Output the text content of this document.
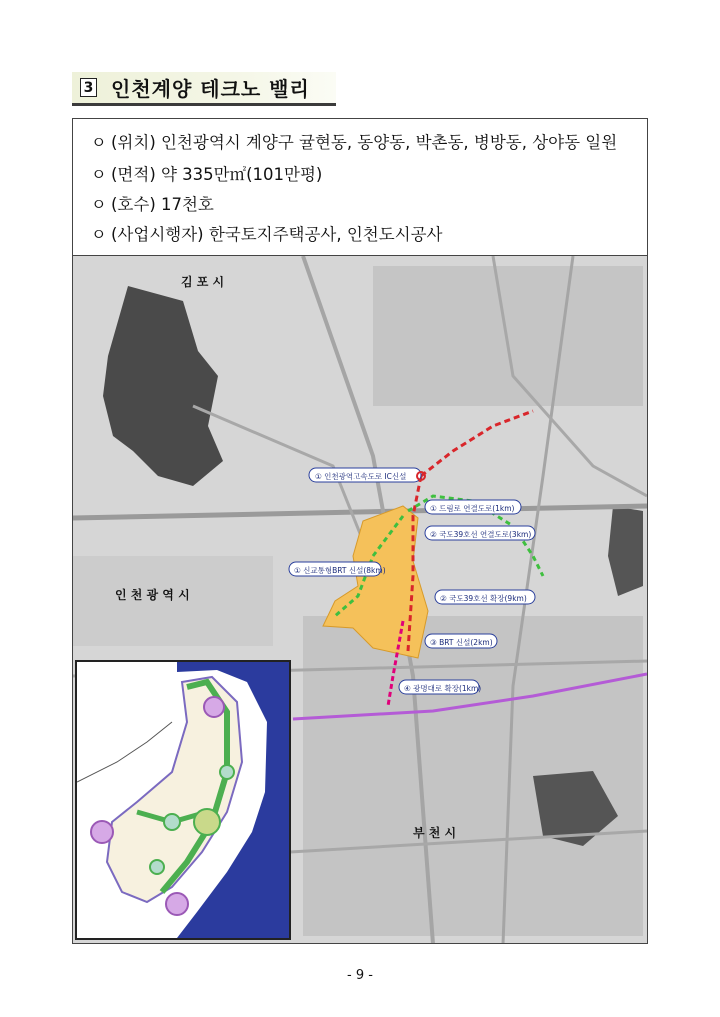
3 인천계양 테크노 밸리
ㅇ (위치) 인천광역시 계양구 귤현동, 동양동, 박촌동, 병방동, 상야동 일원
ㅇ (면적) 약 335만㎡(101만평)
ㅇ (호수) 17천호
ㅇ (사업시행자) 한국토지주택공사, 인천도시공사
김 포 시
인 천 광 역 시
부 천 시
① 인천광역고속도로 IC신설
① 드림로 연결도로(1km)
② 국도39호선 연결도로(3km)
① 신교통형BRT 신설(8km)
② 국도39호선 확장(9km)
③ BRT 신설(2km)
④ 광명대로 확장(1km)
- 9 -
